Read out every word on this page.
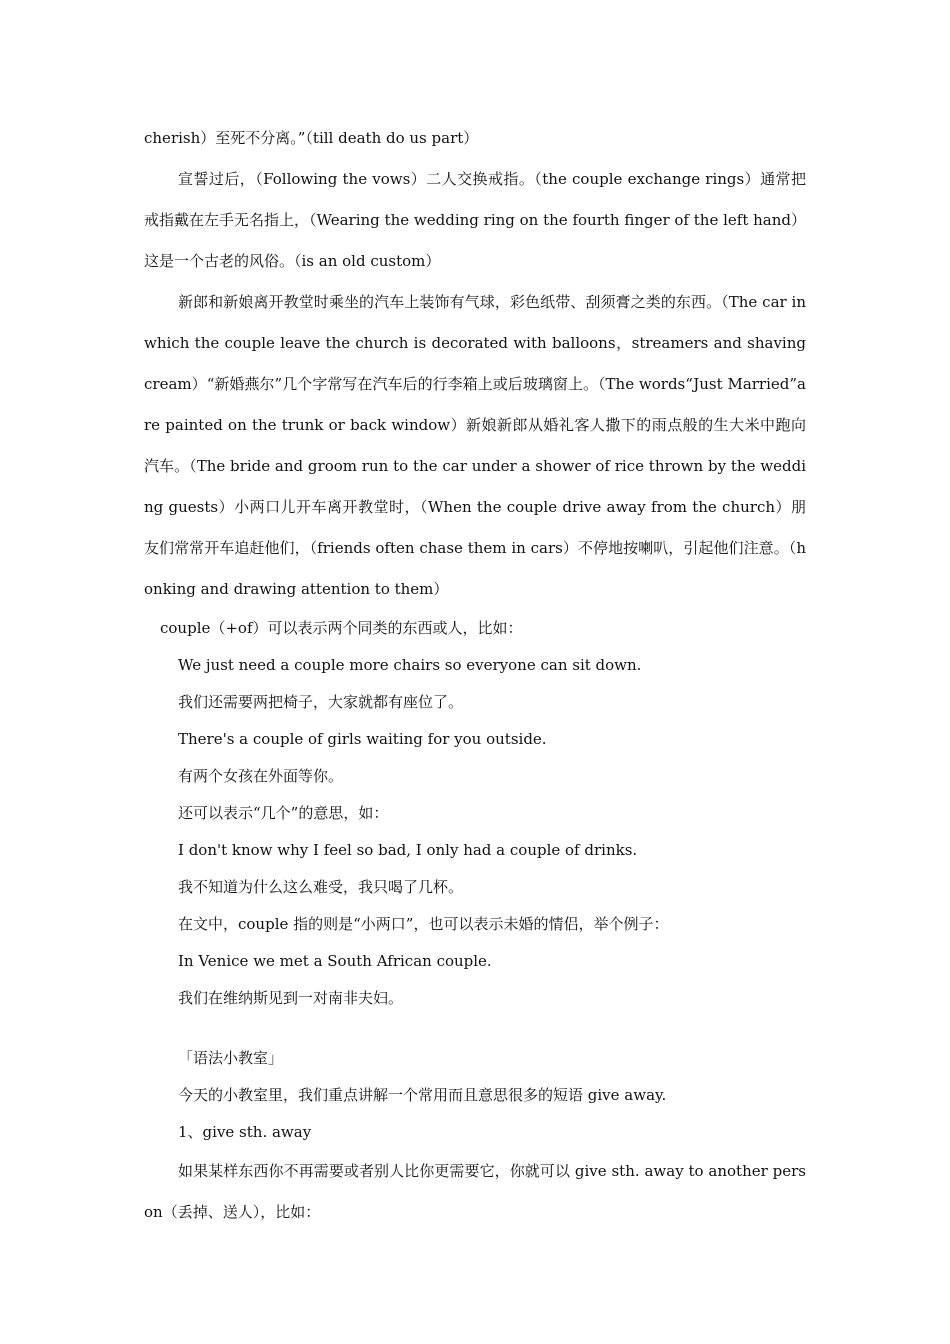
cherish）至死不分离。”（till death do us part）

宣誓过后，（Following the vows）二人交换戒指。（the couple exchange rings）通常把戒指戴在左手无名指上，（Wearing the wedding ring on the fourth finger of the left hand）这是一个古老的风俗。（is an old custom）

新郎和新娘离开教堂时乘坐的汽车上装饰有气球，彩色纸带、刮须膏之类的东西。（The car in which the couple leave the church is decorated with balloons，streamers and shaving cream）“新婚燕尔”几个字常写在汽车后的行李箱上或后玻璃窗上。（The words“Just Married”are painted on the trunk or back window）新娘新郎从婚礼客人撒下的雨点般的生大米中跑向汽车。（The bride and groom run to the car under a shower of rice thrown by the wedding guests）小两口儿开车离开教堂时，（When the couple drive away from the church）朋友们常常开车追赶他们，（friends often chase them in cars）不停地按喇叭，引起他们注意。（honking and drawing attention to them）

couple（+of）可以表示两个同类的东西或人，比如：

We just need a couple more chairs so everyone can sit down.

我们还需要两把椅子，大家就都有座位了。

There's a couple of girls waiting for you outside.

有两个女孩在外面等你。

还可以表示“几个”的意思，如：

I don't know why I feel so bad, I only had a couple of drinks.

我不知道为什么这么难受，我只喝了几杯。

在文中，couple 指的则是“小两口”，也可以表示未婚的情侣，举个例子：

In Venice we met a South African couple.

我们在维纳斯见到一对南非夫妇。

「语法小教室」

今天的小教室里，我们重点讲解一个常用而且意思很多的短语 give away.

1、give sth. away

如果某样东西你不再需要或者别人比你更需要它，你就可以 give sth. away to another person（丢掉、送人），比如：
